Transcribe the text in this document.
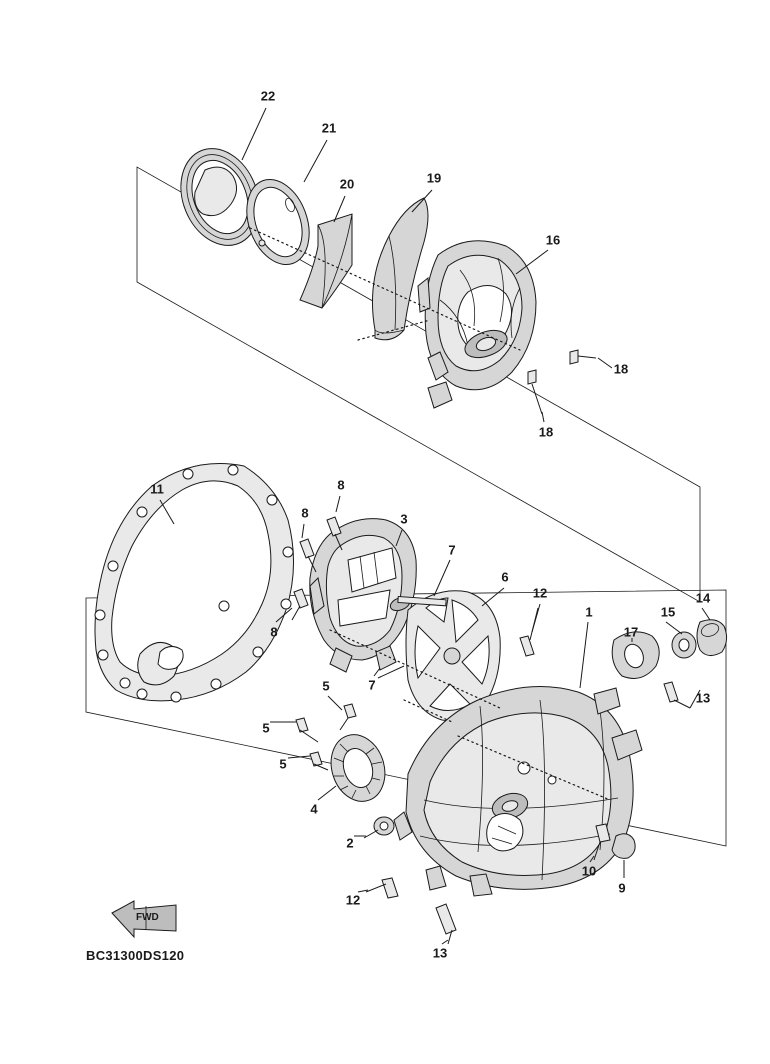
22
21
20	19
16
18
18
11	8
8	3
7
8
6
12
1	15
14
17
7
13
5
5
5
4
2
10
9
12
13
FWD
BC31300DS120
